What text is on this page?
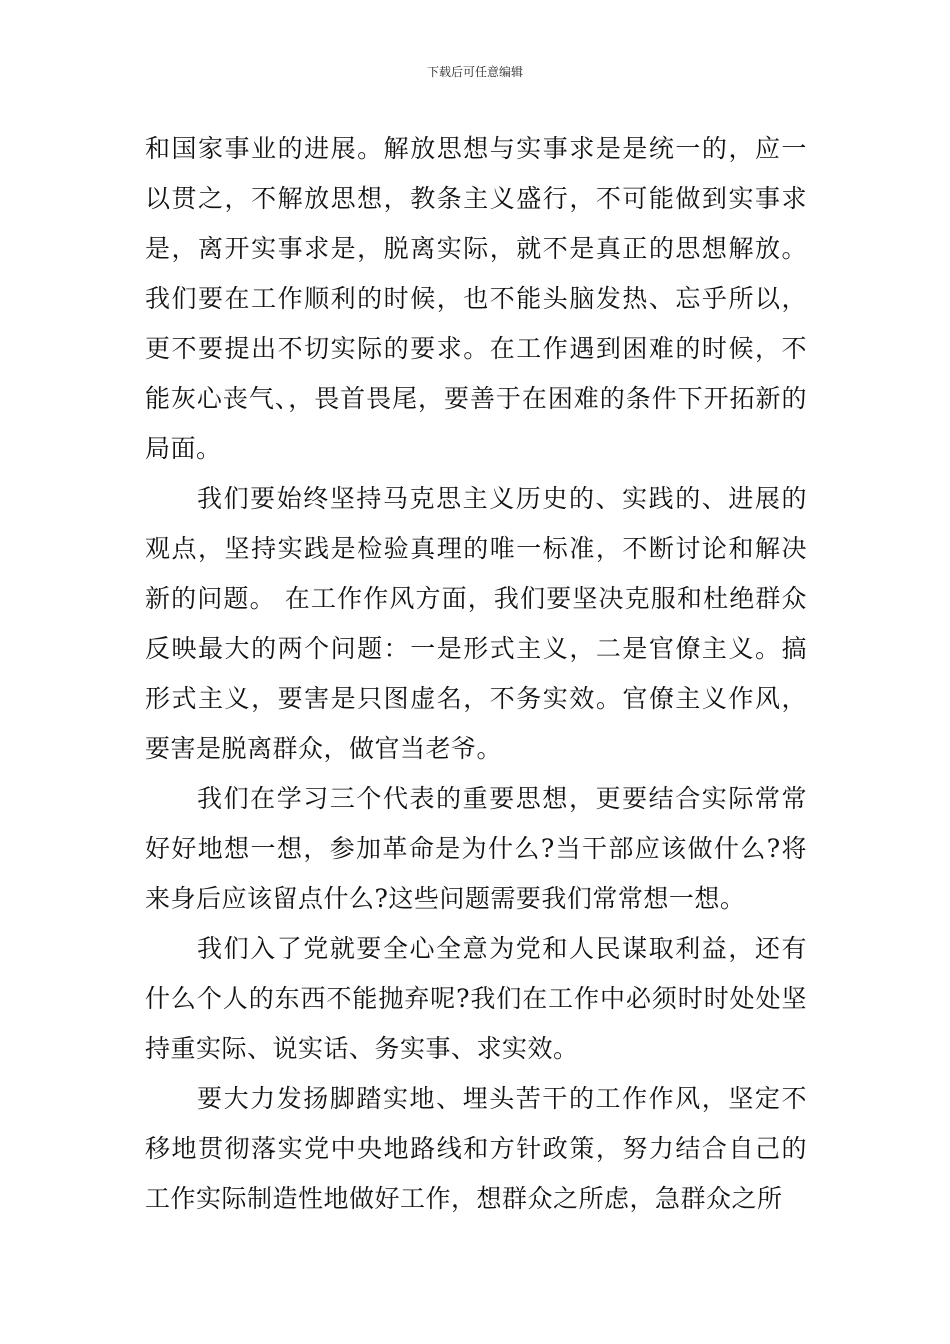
下载后可任意编辑

和国家事业的进展。解放思想与实事求是是统一的，应一以贯之，不解放思想，教条主义盛行，不可能做到实事求是，离开实事求是，脱离实际，就不是真正的思想解放。我们要在工作顺利的时候，也不能头脑发热、忘乎所以，更不要提出不切实际的要求。在工作遇到困难的时候，不能灰心丧气、，畏首畏尾，要善于在困难的条件下开拓新的局面。

我们要始终坚持马克思主义历史的、实践的、进展的观点，坚持实践是检验真理的唯一标准，不断讨论和解决新的问题。 在工作作风方面，我们要坚决克服和杜绝群众反映最大的两个问题：一是形式主义，二是官僚主义。搞形式主义，要害是只图虚名，不务实效。官僚主义作风，要害是脱离群众，做官当老爷。

我们在学习三个代表的重要思想，更要结合实际常常好好地想一想，参加革命是为什么?当干部应该做什么?将来身后应该留点什么?这些问题需要我们常常想一想。

我们入了党就要全心全意为党和人民谋取利益，还有什么个人的东西不能抛弃呢?我们在工作中必须时时处处坚持重实际、说实话、务实事、求实效。

要大力发扬脚踏实地、埋头苦干的工作作风，坚定不移地贯彻落实党中央地路线和方针政策，努力结合自己的工作实际制造性地做好工作，想群众之所虑，急群众之所
